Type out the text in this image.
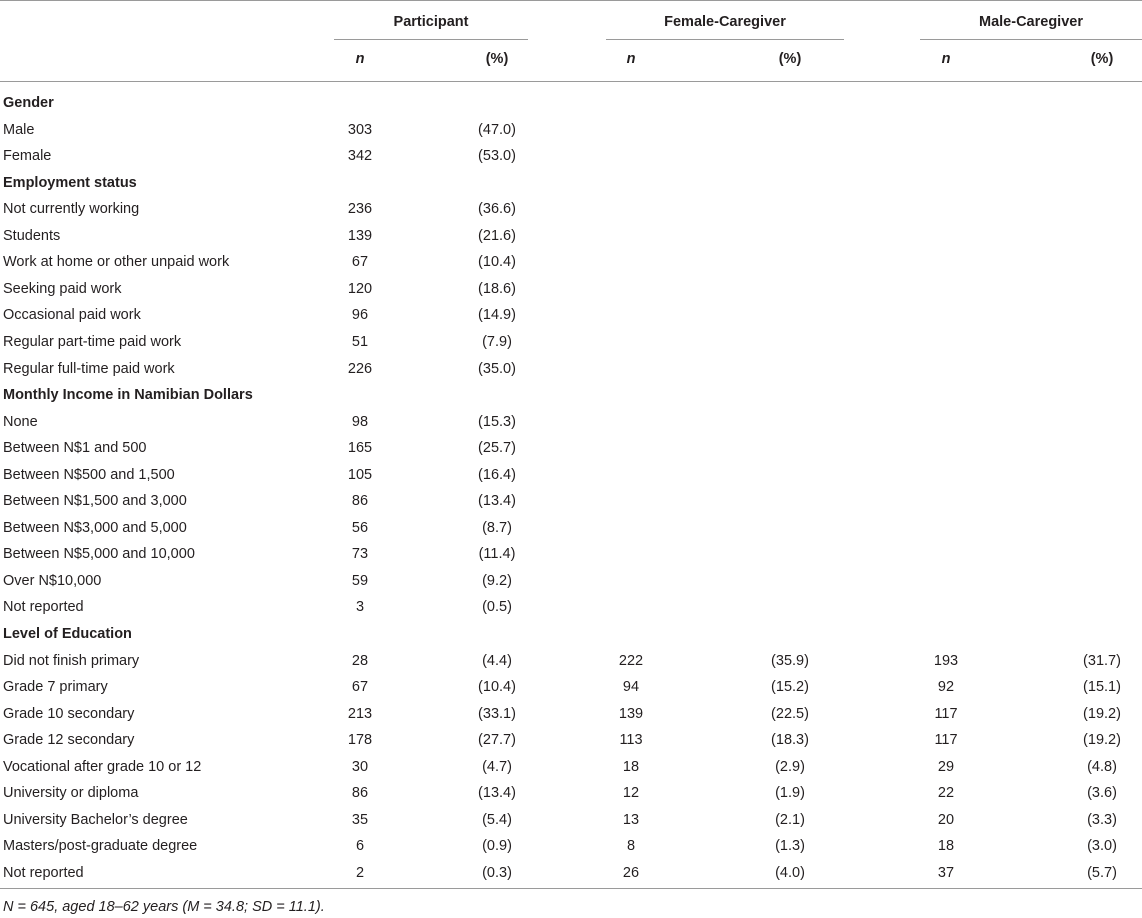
Participant	Female-Caregiver	Male-Caregiver
n	(%)	n	(%)	n	(%)
Gender
Male	303	(47.0)
Female	342	(53.0)
Employment status
Not currently working	236	(36.6)
Students	139	(21.6)
Work at home or other unpaid work	67	(10.4)
Seeking paid work	120	(18.6)
Occasional paid work	96	(14.9)
Regular part-time paid work	51	(7.9)
Regular full-time paid work	226	(35.0)
Monthly Income in Namibian Dollars
None	98	(15.3)
Between N$1 and 500	165	(25.7)
Between N$500 and 1,500	105	(16.4)
Between N$1,500 and 3,000	86	(13.4)
Between N$3,000 and 5,000	56	(8.7)
Between N$5,000 and 10,000	73	(11.4)
Over N$10,000	59	(9.2)
Not reported	3	(0.5)
Level of Education
Did not finish primary	28	(4.4)	222	(35.9)	193	(31.7)
Grade 7 primary	67	(10.4)	94	(15.2)	92	(15.1)
Grade 10 secondary	213	(33.1)	139	(22.5)	117	(19.2)
Grade 12 secondary	178	(27.7)	113	(18.3)	117	(19.2)
Vocational after grade 10 or 12	30	(4.7)	18	(2.9)	29	(4.8)
University or diploma	86	(13.4)	12	(1.9)	22	(3.6)
University Bachelor’s degree	35	(5.4)	13	(2.1)	20	(3.3)
Masters/post-graduate degree	6	(0.9)	8	(1.3)	18	(3.0)
Not reported	2	(0.3)	26	(4.0)	37	(5.7)
N = 645, aged 18–62 years (M = 34.8; SD = 11.1).
